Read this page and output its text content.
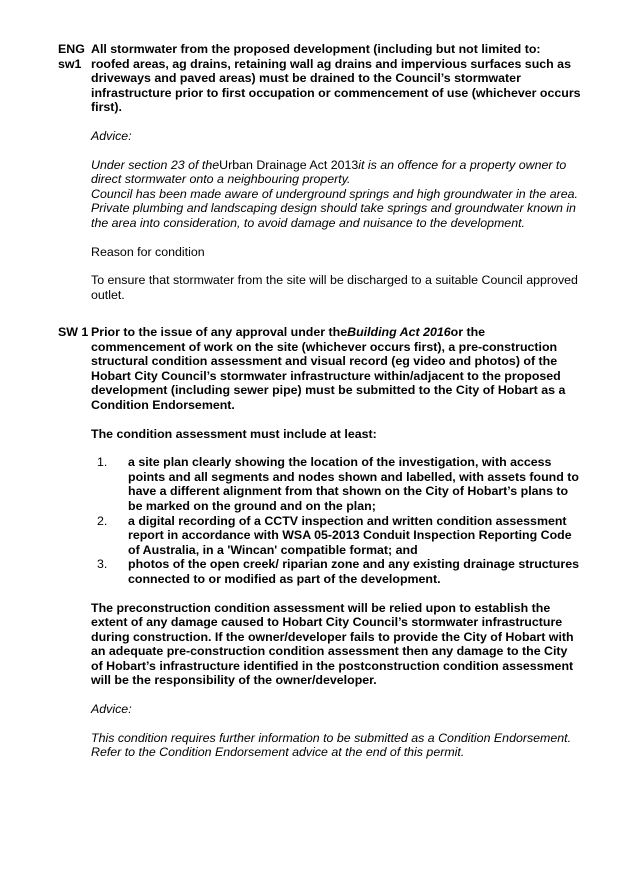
ENG
sw1

All stormwater from the proposed development (including but not limited to: roofed areas, ag drains, retaining wall ag drains and impervious surfaces such as driveways and paved areas) must be drained to the Council’s stormwater infrastructure prior to first occupation or commencement of use (whichever occurs first).

Advice:

Under section 23 of theUrban Drainage Act 2013it is an offence for a property owner to direct stormwater onto a neighbouring property.

Council has been made aware of underground springs and high groundwater in the area. Private plumbing and landscaping design should take springs and groundwater known in the area into consideration, to avoid damage and nuisance to the development.

Reason for condition

To ensure that stormwater from the site will be discharged to a suitable Council approved outlet.

SW 1 Prior to the issue of any approval under theBuilding Act 2016or the commencement of work on the site (whichever occurs first), a pre-construction structural condition assessment and visual record (eg video and photos) of the Hobart City Council’s stormwater infrastructure within/adjacent to the proposed development (including sewer pipe) must be submitted to the City of Hobart as a Condition Endorsement.

The condition assessment must include at least:

1. a site plan clearly showing the location of the investigation, with access points and all segments and nodes shown and labelled, with assets found to have a different alignment from that shown on the City of Hobart’s plans to be marked on the ground and on the plan;
2. a digital recording of a CCTV inspection and written condition assessment report in accordance with WSA 05-2013 Conduit Inspection Reporting Code of Australia, in a 'Wincan' compatible format; and
3. photos of the open creek/ riparian zone and any existing drainage structures connected to or modified as part of the development.

The preconstruction condition assessment will be relied upon to establish the extent of any damage caused to Hobart City Council’s stormwater infrastructure during construction. If the owner/developer fails to provide the City of Hobart with an adequate pre-construction condition assessment then any damage to the City of Hobart’s infrastructure identified in the postconstruction condition assessment will be the responsibility of the owner/developer.

Advice:

This condition requires further information to be submitted as a Condition Endorsement. Refer to the Condition Endorsement advice at the end of this permit.
